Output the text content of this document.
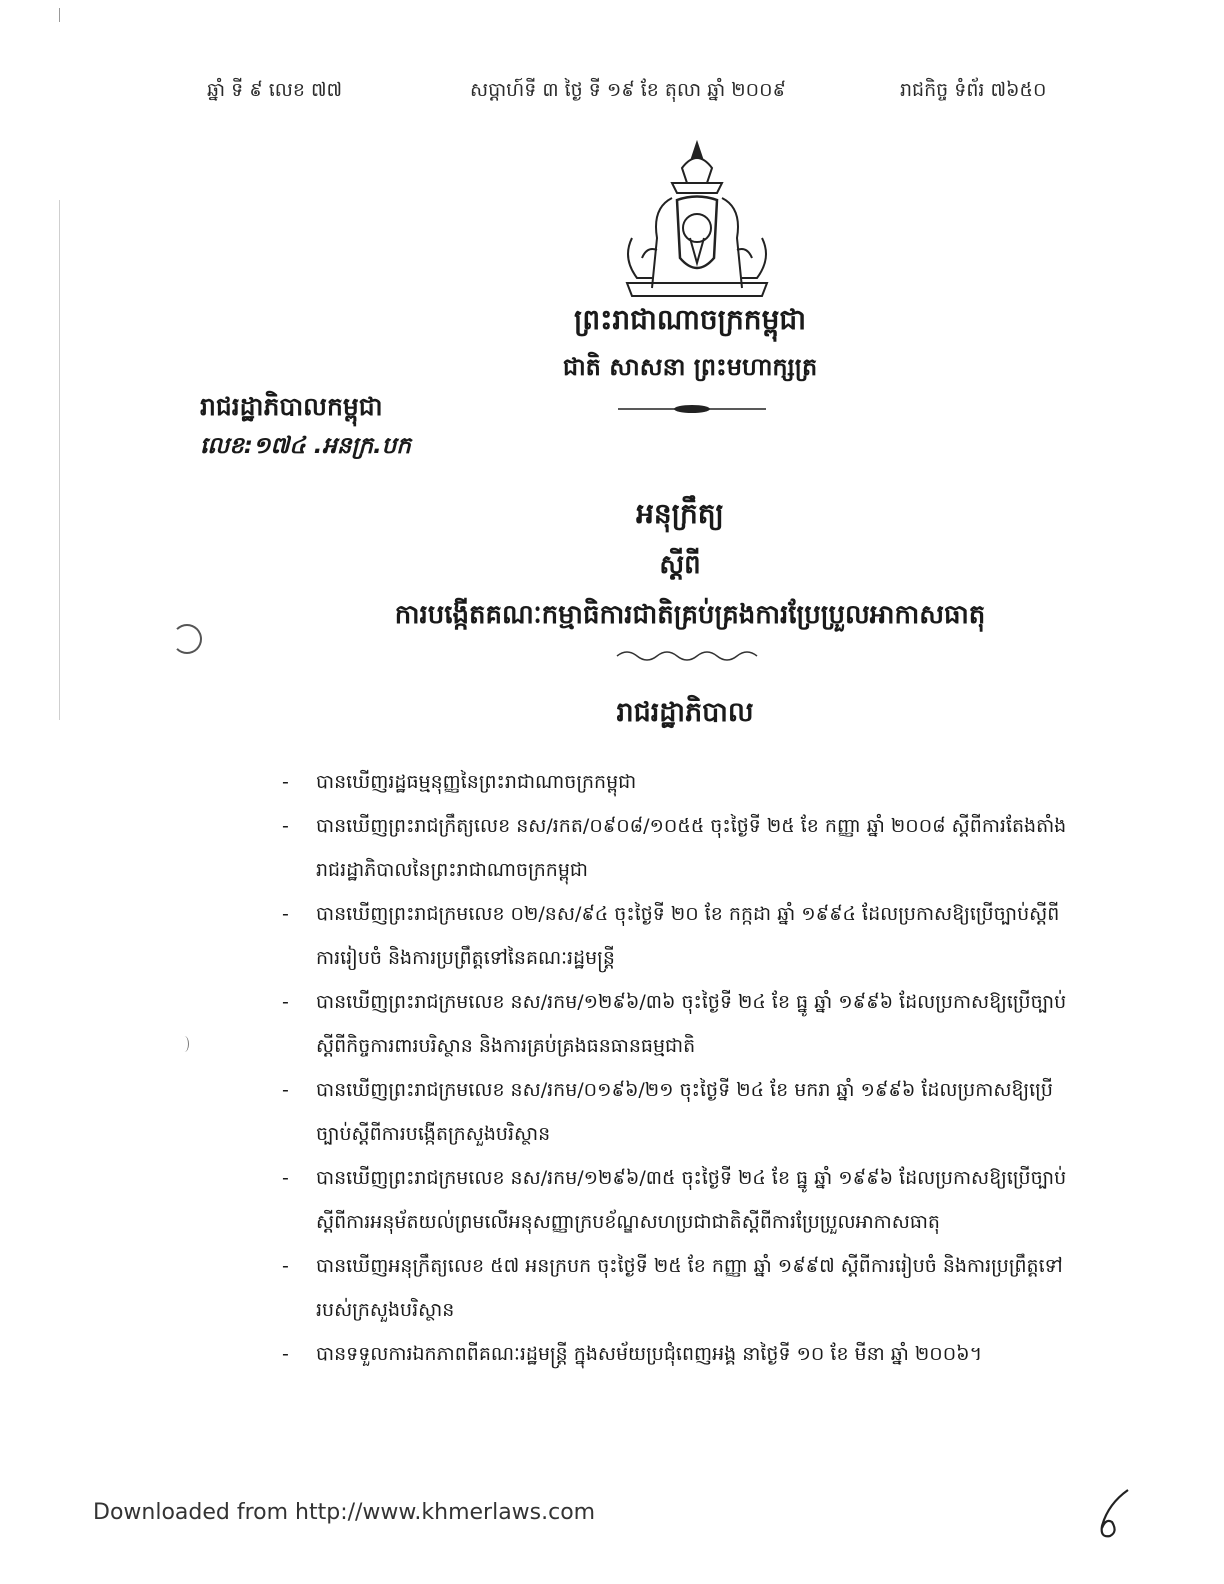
ឆ្នាំ ទី ៩ លេខ ៧៧	សប្តាហ៍ទី ៣ ថ្ងៃ ទី ១៩ ខែ តុលា ឆ្នាំ ២០០៩	រាជកិច្ច ទំព័រ ៧៦៥០
ព្រះរាជាណាចក្រកម្ពុជា
ជាតិ សាសនា ព្រះមហាក្សត្រ
រាជរដ្ឋាភិបាលកម្ពុជា
លេខ:១៧៤ .អនក្រ.បក
អនុក្រឹត្យ
ស្តីពី
ការបង្កើតគណៈកម្មាធិការជាតិគ្រប់គ្រងការប្រែប្រួលអាកាសធាតុ
រាជរដ្ឋាភិបាល
-	បានឃើញរដ្ឋធម្មនុញ្ញនៃព្រះរាជាណាចក្រកម្ពុជា
-	បានឃើញព្រះរាជក្រឹត្យលេខ នស/រកត/០៩០៨/១០៥៥ ចុះថ្ងៃទី ២៥ ខែ កញ្ញា ឆ្នាំ ២០០៨ ស្តីពីការតែងតាំងរាជរដ្ឋាភិបាលនៃព្រះរាជាណាចក្រកម្ពុជា
-	បានឃើញព្រះរាជក្រមលេខ ០២/នស/៩៤ ចុះថ្ងៃទី ២០ ខែ កក្កដា ឆ្នាំ ១៩៩៤ ដែលប្រកាសឱ្យប្រើច្បាប់ស្តីពីការរៀបចំ និងការប្រព្រឹត្តទៅនៃគណៈរដ្ឋមន្ត្រី
-	បានឃើញព្រះរាជក្រមលេខ នស/រកម/១២៩៦/៣៦ ចុះថ្ងៃទី ២៤ ខែ ធ្នូ ឆ្នាំ ១៩៩៦ ដែលប្រកាសឱ្យប្រើច្បាប់ស្តីពីកិច្ចការពារបរិស្ថាន និងការគ្រប់គ្រងធនធានធម្មជាតិ
-	បានឃើញព្រះរាជក្រមលេខ នស/រកម/០១៩៦/២១ ចុះថ្ងៃទី ២៤ ខែ មករា ឆ្នាំ ១៩៩៦ ដែលប្រកាសឱ្យប្រើច្បាប់ស្តីពីការបង្កើតក្រសួងបរិស្ថាន
-	បានឃើញព្រះរាជក្រមលេខ នស/រកម/១២៩៦/៣៥ ចុះថ្ងៃទី ២៤ ខែ ធ្នូ ឆ្នាំ ១៩៩៦ ដែលប្រកាសឱ្យប្រើច្បាប់ស្តីពីការអនុម័តយល់ព្រមលើអនុសញ្ញាក្របខ័ណ្ឌសហប្រជាជាតិស្តីពីការប្រែប្រួលអាកាសធាតុ
-	បានឃើញអនុក្រឹត្យលេខ ៥៧ អនក្របក ចុះថ្ងៃទី ២៥ ខែ កញ្ញា ឆ្នាំ ១៩៩៧ ស្តីពីការរៀបចំ និងការប្រព្រឹត្តទៅរបស់ក្រសួងបរិស្ថាន
-	បានទទួលការឯកភាពពីគណៈរដ្ឋមន្ត្រី ក្នុងសម័យប្រជុំពេញអង្គ នាថ្ងៃទី ១០ ខែ មីនា ឆ្នាំ ២០០៦។
Downloaded from http://www.khmerlaws.com
